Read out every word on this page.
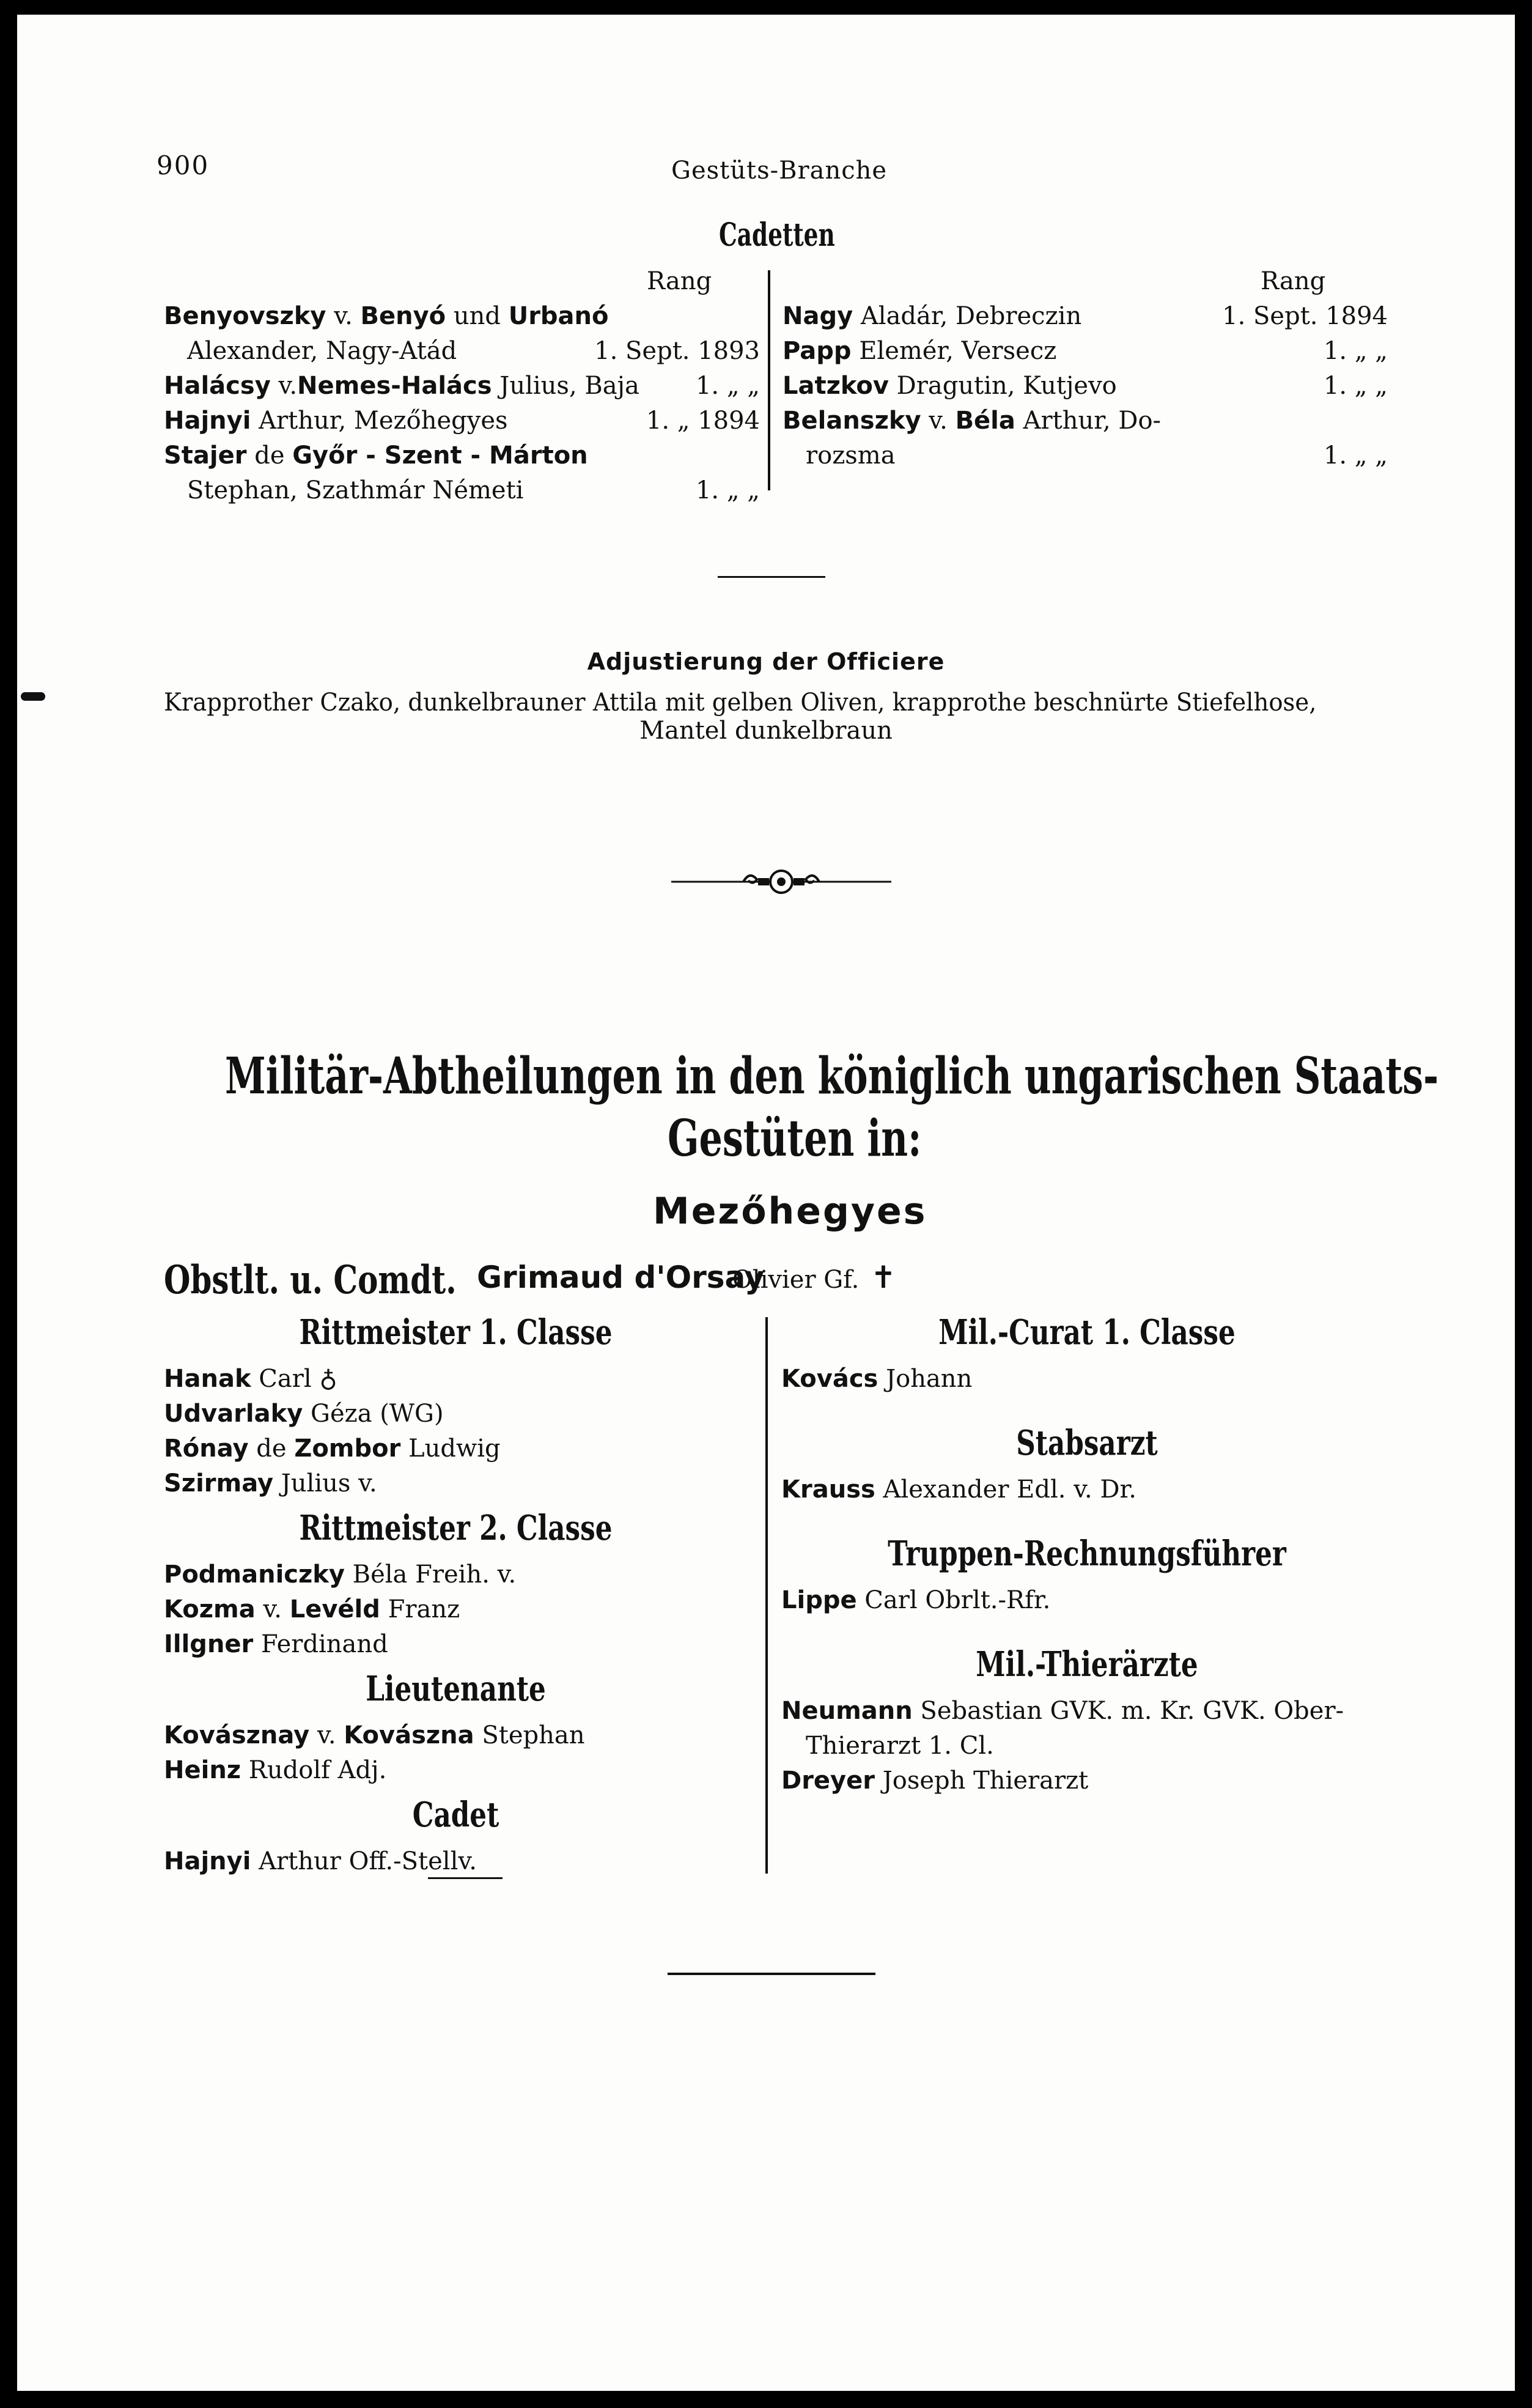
900	Gestüts-Branche
Cadetten
Rang	Rang
Benyovszky v. Benyó und Urbanó
Alexander, Nagy-Atád	1. Sept. 1893
Halácsy v.Nemes-Halács Julius, Baja 1. „ „
Hajnyi Arthur, Mezőhegyes	1. „ 1894
Stajer de Győr - Szent - Márton
Stephan, Szathmár Németi	1. „ „
Nagy Aladár, Debreczin	1. Sept. 1894
Papp Elemér, Versecz	1. „ „
Latzkov Dragutin, Kutjevo	1. „ „
Belanszky v. Béla Arthur, Do-
rozsma	1. „ „
Adjustierung der Officiere
Krapprother Czako, dunkelbrauner Attila mit gelben Oliven, krapprothe beschnürte Stiefelhose,
Mantel dunkelbraun
Militär-Abtheilungen in den königlich ungarischen Staats-
Gestüten in:
Mezőhegyes
Obstlt. u. Comdt. Grimaud d'Orsay
Olivier Gf. ✝
Rittmeister 1. Classe
Hanak Carl ♁
Udvarlaky Géza (WG)
Rónay de Zombor Ludwig
Szirmay Julius v.
Rittmeister 2. Classe
Podmaniczky Béla Freih. v.
Kozma v. Levéld Franz
Illgner Ferdinand
Lieutenante
Kovásznay v. Kovászna Stephan
Heinz Rudolf Adj.
Cadet
Hajnyi Arthur Off.-Stellv.
Mil.-Curat 1. Classe
Kovács Johann
Stabsarzt
Krauss Alexander Edl. v. Dr.
Truppen-Rechnungsführer
Lippe Carl Obrlt.-Rfr.
Mil.-Thierärzte
Neumann Sebastian GVK. m. Kr. GVK. Ober-
Thierarzt 1. Cl.
Dreyer Joseph Thierarzt
